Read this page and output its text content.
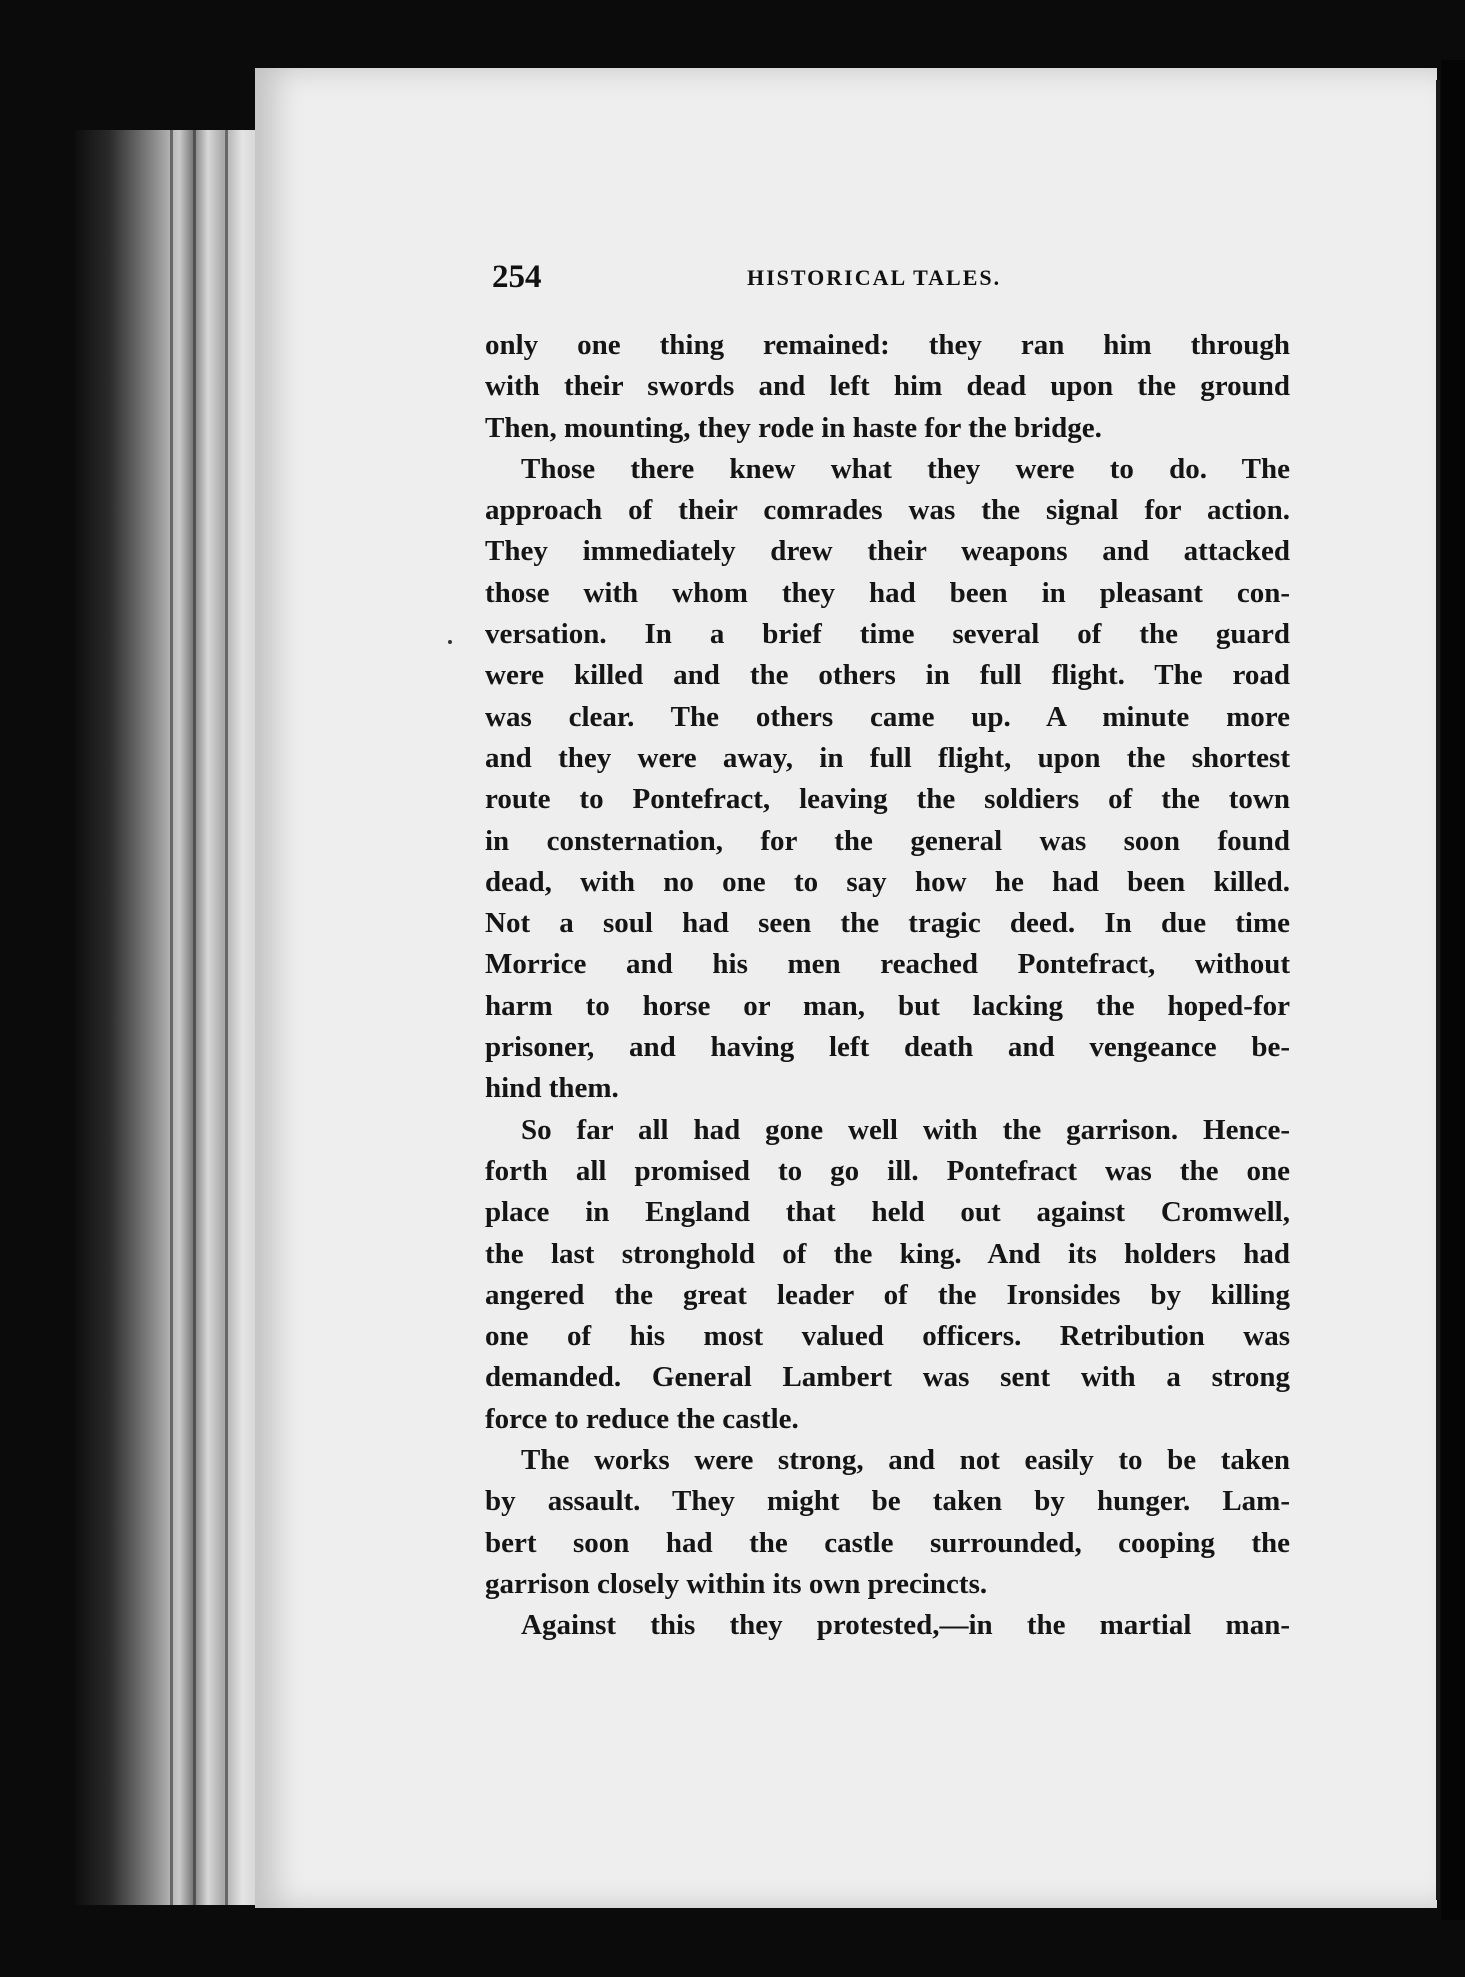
254	HISTORICAL TALES.
only one thing remained: they ran him through
with their swords and left him dead upon the ground
Then, mounting, they rode in haste for the bridge.
Those there knew what they were to do. The
approach of their comrades was the signal for action.
They immediately drew their weapons and attacked
those with whom they had been in pleasant con-
versation. In a brief time several of the guard
were killed and the others in full flight. The road
was clear. The others came up. A minute more
and they were away, in full flight, upon the shortest
route to Pontefract, leaving the soldiers of the town
in consternation, for the general was soon found
dead, with no one to say how he had been killed.
Not a soul had seen the tragic deed. In due time
Morrice and his men reached Pontefract, without
harm to horse or man, but lacking the hoped-for
prisoner, and having left death and vengeance be-
hind them.
So far all had gone well with the garrison. Hence-
forth all promised to go ill. Pontefract was the one
place in England that held out against Cromwell,
the last stronghold of the king. And its holders had
angered the great leader of the Ironsides by killing
one of his most valued officers. Retribution was
demanded. General Lambert was sent with a strong
force to reduce the castle.
The works were strong, and not easily to be taken
by assault. They might be taken by hunger. Lam-
bert soon had the castle surrounded, cooping the
garrison closely within its own precincts.
Against this they protested,—in the martial man-
